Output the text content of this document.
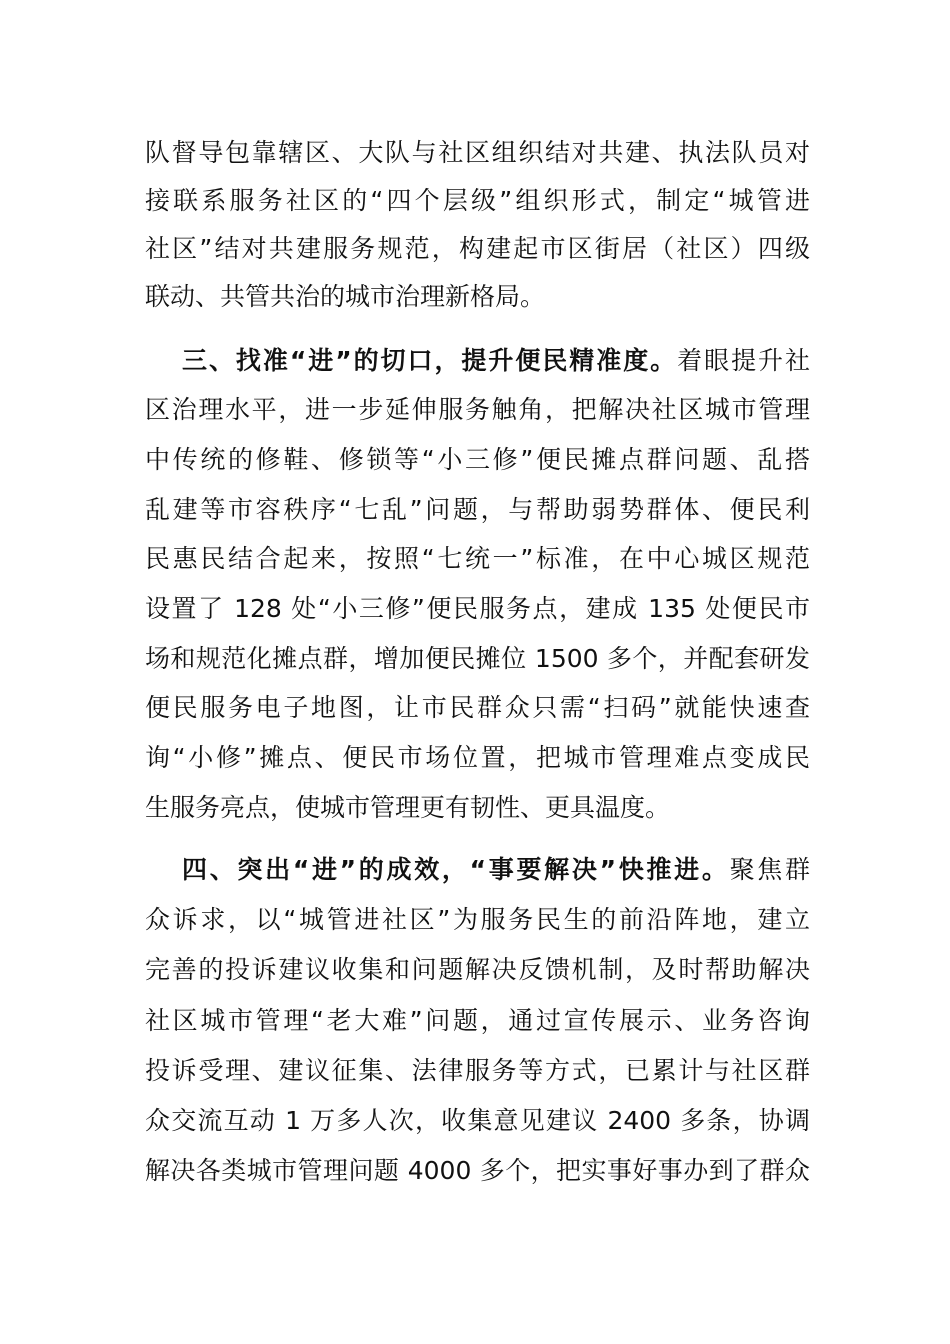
队督导包靠辖区、大队与社区组织结对共建、执法队员对
接联系服务社区的“四个层级”组织形式，制定“城管进
社区”结对共建服务规范，构建起市区街居（社区）四级
联动、共管共治的城市治理新格局。
三、找准“进”的切口，提升便民精准度。着眼提升社
区治理水平，进一步延伸服务触角，把解决社区城市管理
中传统的修鞋、修锁等“小三修”便民摊点群问题、乱搭
乱建等市容秩序“七乱”问题，与帮助弱势群体、便民利
民惠民结合起来，按照“七统一”标准，在中心城区规范
设置了 128 处“小三修”便民服务点，建成 135 处便民市
场和规范化摊点群，增加便民摊位 1500 多个，并配套研发
便民服务电子地图，让市民群众只需“扫码”就能快速查
询“小修”摊点、便民市场位置，把城市管理难点变成民
生服务亮点，使城市管理更有韧性、更具温度。
四、突出“进”的成效，“事要解决”快推进。聚焦群
众诉求，以“城管进社区”为服务民生的前沿阵地，建立
完善的投诉建议收集和问题解决反馈机制，及时帮助解决
社区城市管理“老大难”问题，通过宣传展示、业务咨询
投诉受理、建议征集、法律服务等方式，已累计与社区群
众交流互动 1 万多人次，收集意见建议 2400 多条，协调
解决各类城市管理问题 4000 多个，把实事好事办到了群众
